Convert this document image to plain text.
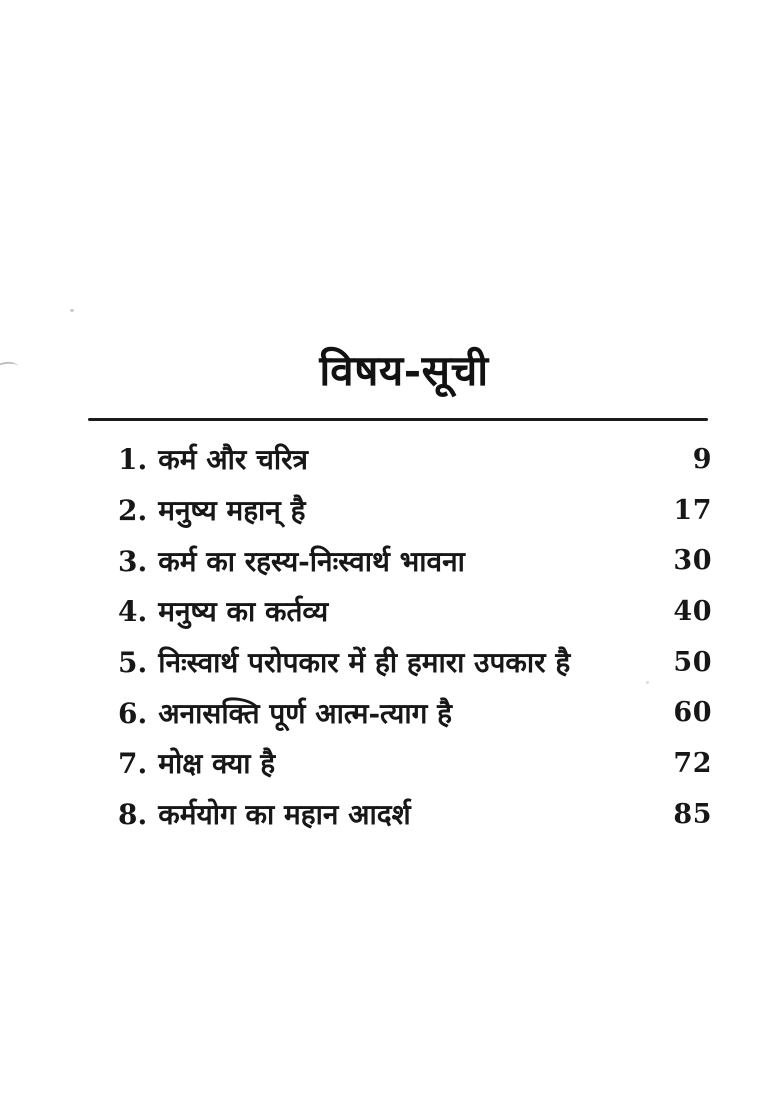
विषय-सूची
1. कर्म और चरित्र	9
2. मनुष्य महान् है	17
3. कर्म का रहस्य-निःस्वार्थ भावना	30
4. मनुष्य का कर्तव्य	40
5. निःस्वार्थ परोपकार में ही हमारा उपकार है	50
6. अनासक्ति पूर्ण आत्म-त्याग है	60
7. मोक्ष क्या है	72
8. कर्मयोग का महान आदर्श	85
